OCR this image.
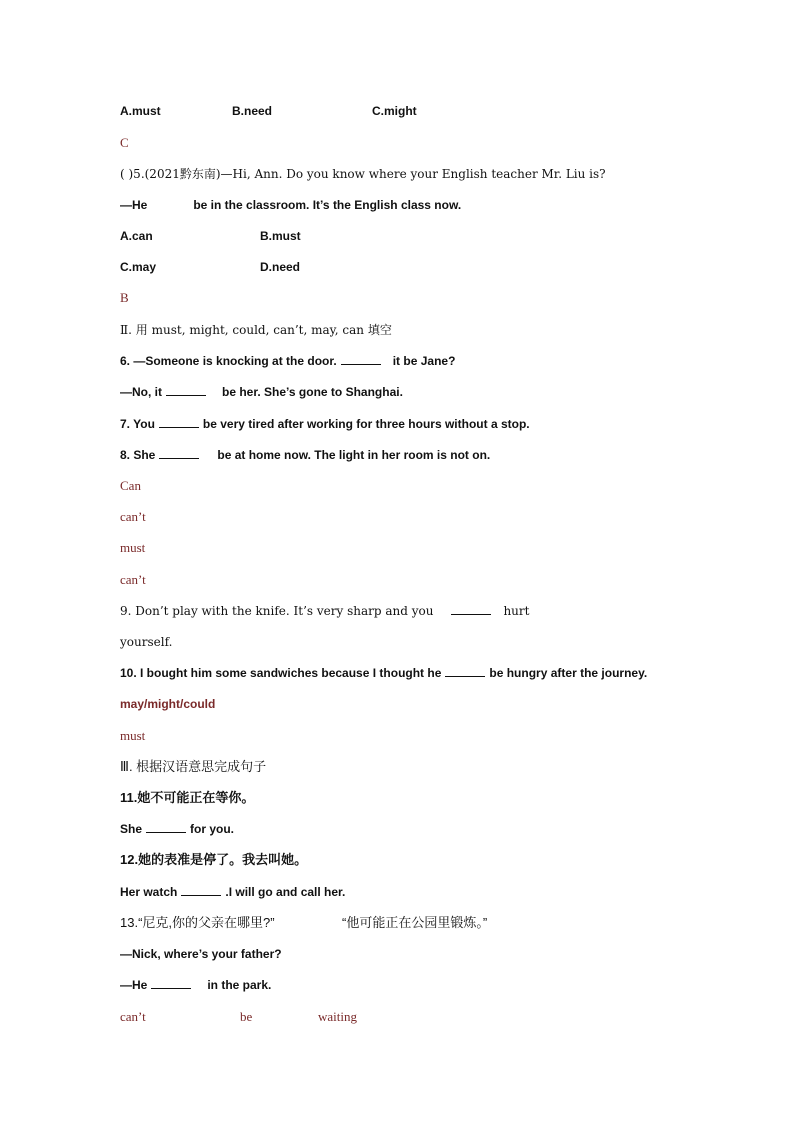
A.must	B.need	C.might
C
( )5.(2021黔东南)—Hi, Ann. Do you know where your English teacher Mr. Liu is?
—He	be in the classroom. It’s the English class now.
A.can	B.must
C.may	D.need
B
Ⅱ. 用 must, might, could, can’t, may, can 填空
6. —Someone is knocking at the door.	it be Jane?
—No, it	be her. She’s gone to Shanghai.
7. You	be very tired after working for three hours without a stop.
8. She	be at home now. The light in her room is not on.
Can
can’t
must
can’t
9. Don’t play with the knife. It’s very sharp and you	hurt
yourself.
10. I bought him some sandwiches because I thought he	be hungry after the journey.
may/might/could
must
Ⅲ. 根据汉语意思完成句子
11.她不可能正在等你。
She	for you.
12.她的表准是停了。我去叫她。
Her watch	.I will go and call her.
13.“尼克,你的父亲在哪里?”	“他可能正在公园里锻炼。”
—Nick, where’s your father?
—He	in the park.
can’t	be	waiting
